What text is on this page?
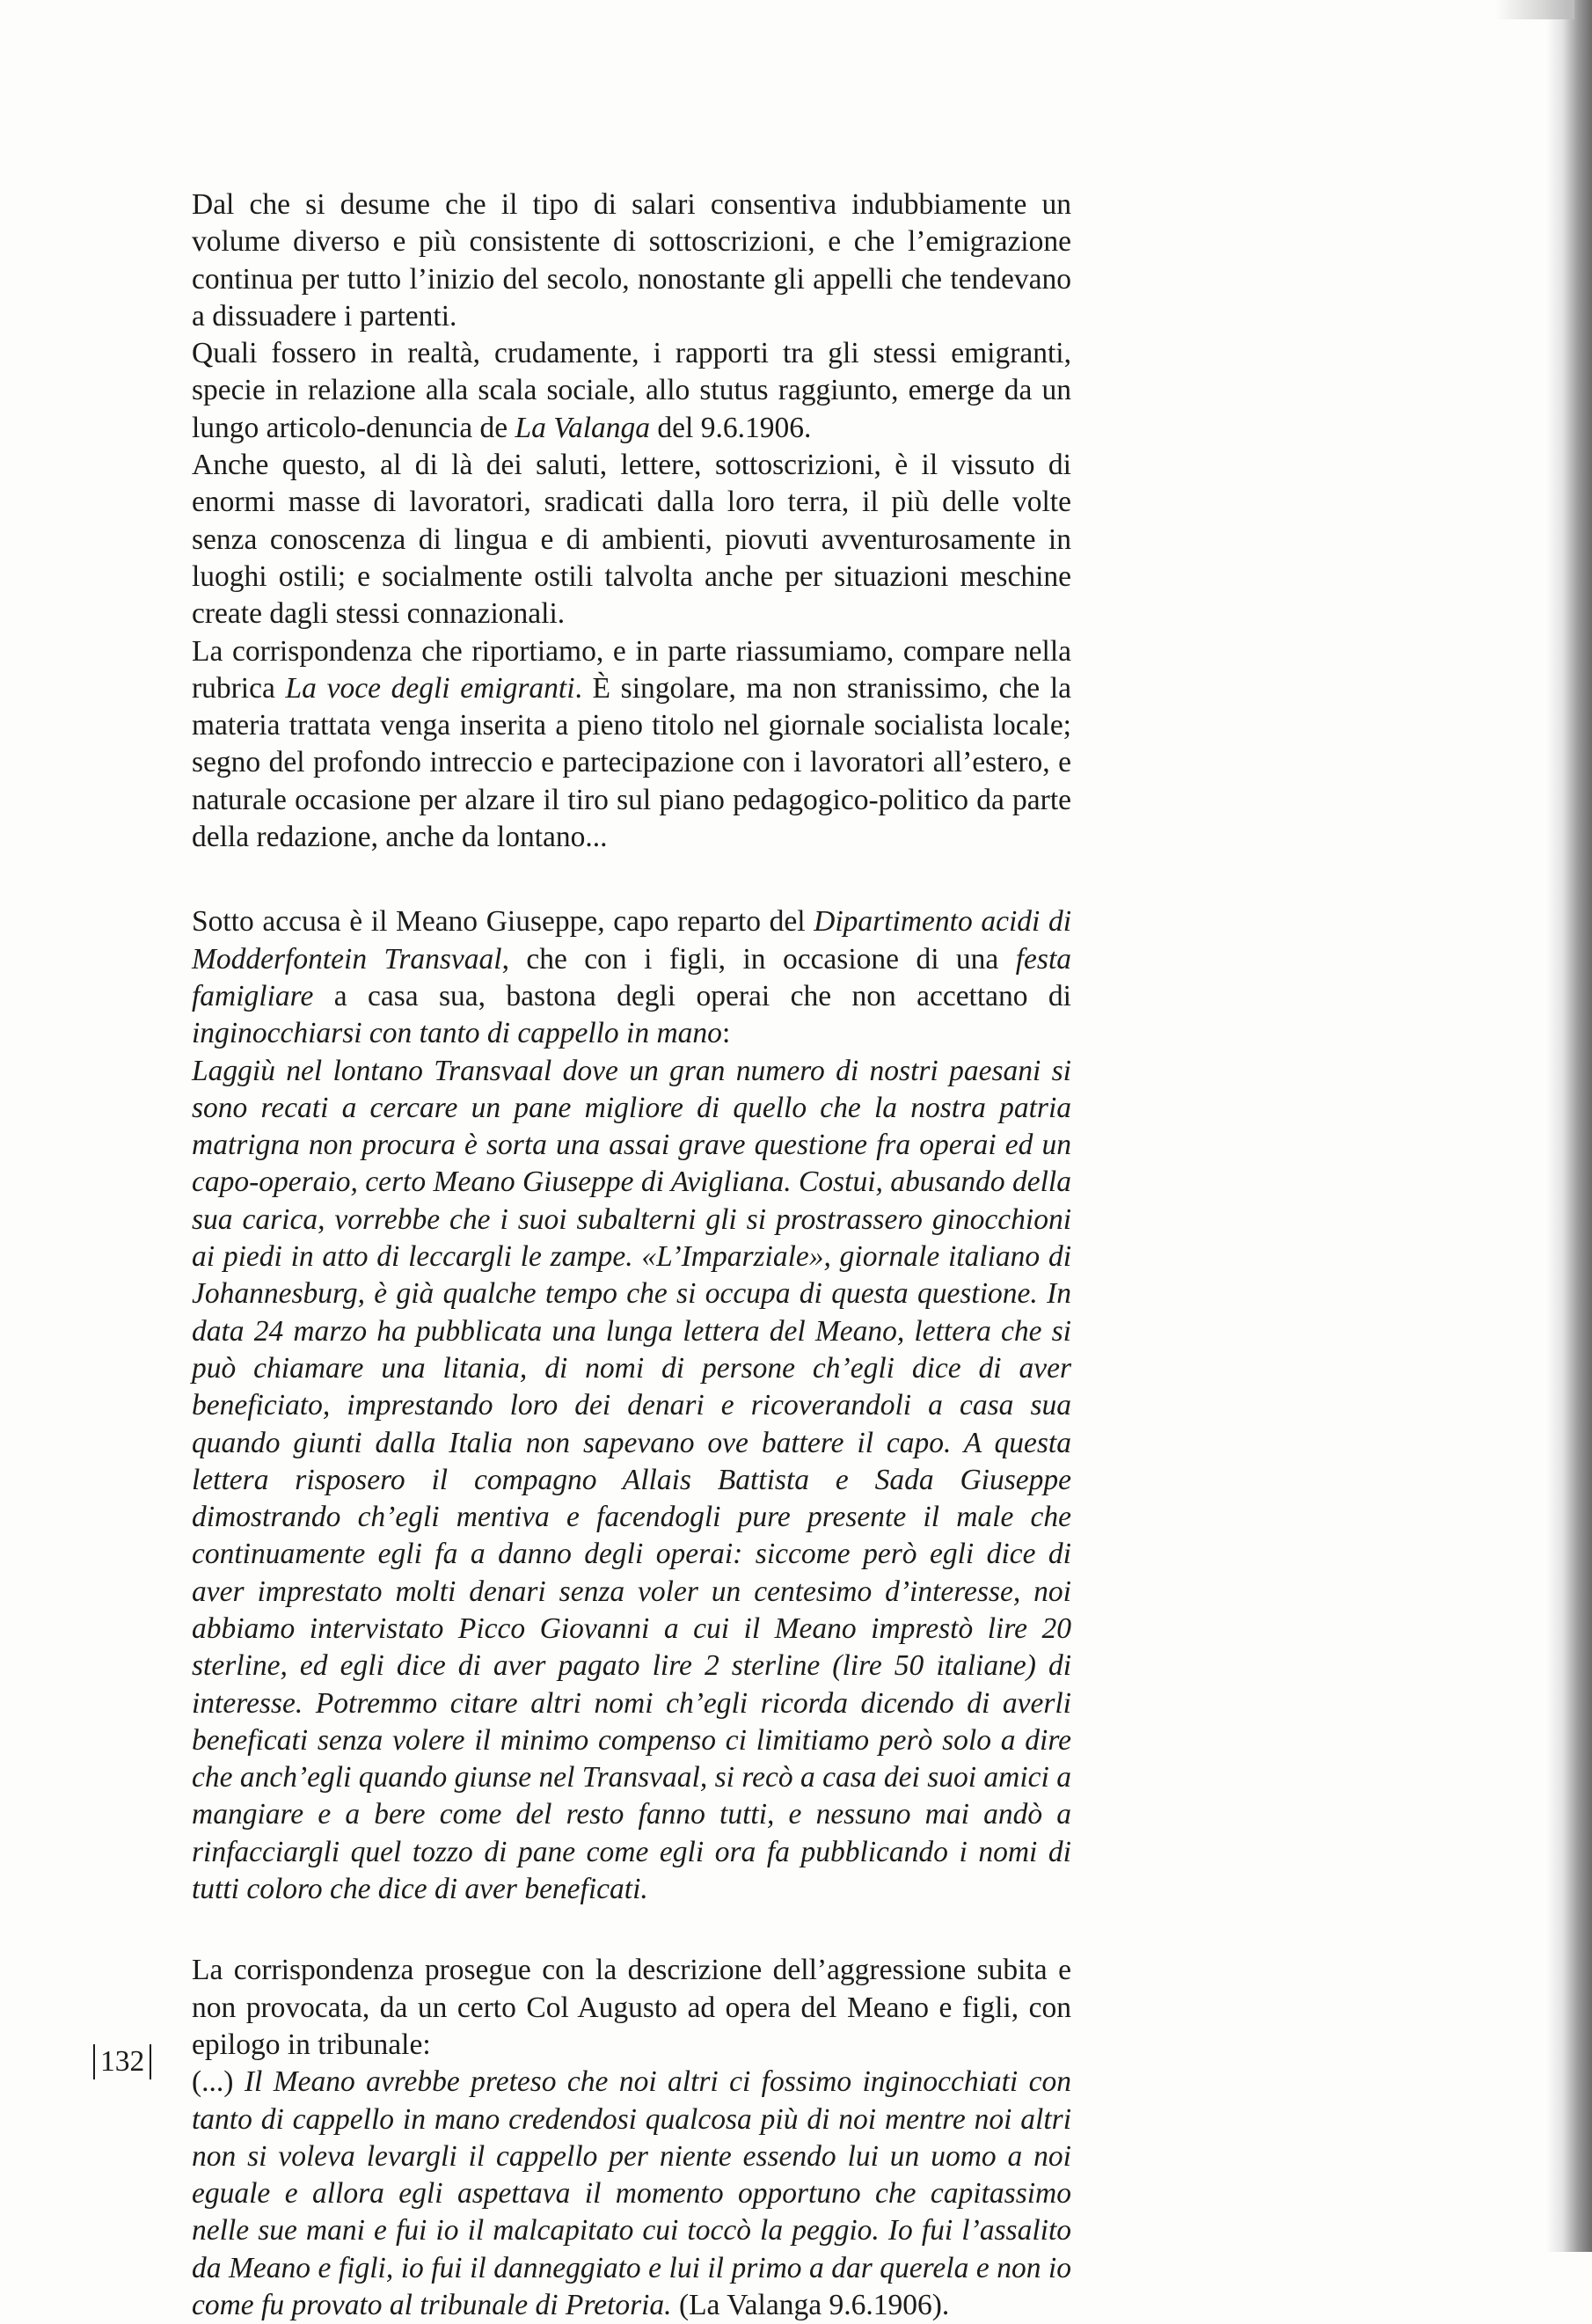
Dal che si desume che il tipo di salari consentiva indubbiamente un volume diverso e più consistente di sottoscrizioni, e che l’emigrazione continua per tutto l’inizio del secolo, nonostante gli appelli che tendevano a dissuadere i partenti.

Quali fossero in realtà, crudamente, i rapporti tra gli stessi emigranti, specie in relazione alla scala sociale, allo stutus raggiunto, emerge da un lungo articolo-denuncia de La Valanga del 9.6.1906.

Anche questo, al di là dei saluti, lettere, sottoscrizioni, è il vissuto di enormi masse di lavoratori, sradicati dalla loro terra, il più delle volte senza conoscenza di lingua e di ambienti, piovuti avventurosamente in luoghi ostili; e socialmente ostili talvolta anche per situazioni meschine create dagli stessi connazionali.

La corrispondenza che riportiamo, e in parte riassumiamo, compare nella rubrica La voce degli emigranti. È singolare, ma non stranissimo, che la materia trattata venga inserita a pieno titolo nel giornale socialista locale; segno del profondo intreccio e partecipazione con i lavoratori all’estero, e naturale occasione per alzare il tiro sul piano pedagogico-politico da parte della redazione, anche da lontano...

Sotto accusa è il Meano Giuseppe, capo reparto del Dipartimento acidi di Modderfontein Transvaal, che con i figli, in occasione di una festa famigliare a casa sua, bastona degli operai che non accettano di inginocchiarsi con tanto di cappello in mano:

Laggiù nel lontano Transvaal dove un gran numero di nostri paesani si sono recati a cercare un pane migliore di quello che la nostra patria matrigna non procura è sorta una assai grave questione fra operai ed un capo-operaio, certo Meano Giuseppe di Avigliana. Costui, abusando della sua carica, vorrebbe che i suoi subalterni gli si prostrassero ginocchioni ai piedi in atto di leccargli le zampe. «L’Imparziale», giornale italiano di Johannesburg, è già qualche tempo che si occupa di questa questione. In data 24 marzo ha pubblicata una lunga lettera del Meano, lettera che si può chiamare una litania, di nomi di persone ch’egli dice di aver beneficiato, imprestando loro dei denari e ricoverandoli a casa sua quando giunti dalla Italia non sapevano ove battere il capo. A questa lettera risposero il compagno Allais Battista e Sada Giuseppe dimostrando ch’egli mentiva e facendogli pure presente il male che continuamente egli fa a danno degli operai: siccome però egli dice di aver imprestato molti denari senza voler un centesimo d’interesse, noi abbiamo intervistato Picco Giovanni a cui il Meano imprestò lire 20 sterline, ed egli dice di aver pagato lire 2 sterline (lire 50 italiane) di interesse. Potremmo citare altri nomi ch’egli ricorda dicendo di averli beneficati senza volere il minimo compenso ci limitiamo però solo a dire che anch’egli quando giunse nel Transvaal, si recò a casa dei suoi amici a mangiare e a bere come del resto fanno tutti, e nessuno mai andò a rinfacciargli quel tozzo di pane come egli ora fa pubblicando i nomi di tutti coloro che dice di aver beneficati.

La corrispondenza prosegue con la descrizione dell’aggressione subita e non provocata, da un certo Col Augusto ad opera del Meano e figli, con epilogo in tribunale:

(...) Il Meano avrebbe preteso che noi altri ci fossimo inginocchiati con tanto di cappello in mano credendosi qualcosa più di noi mentre noi altri non si voleva levargli il cappello per niente essendo lui un uomo a noi eguale e allora egli aspettava il momento opportuno che capitassimo nelle sue mani e fui io il malcapitato cui toccò la peggio. Io fui l’assalito da Meano e figli, io fui il danneggiato e lui il primo a dar querela e non io come fu provato al tribunale di Pretoria. (La Valanga 9.6.1906).

132
